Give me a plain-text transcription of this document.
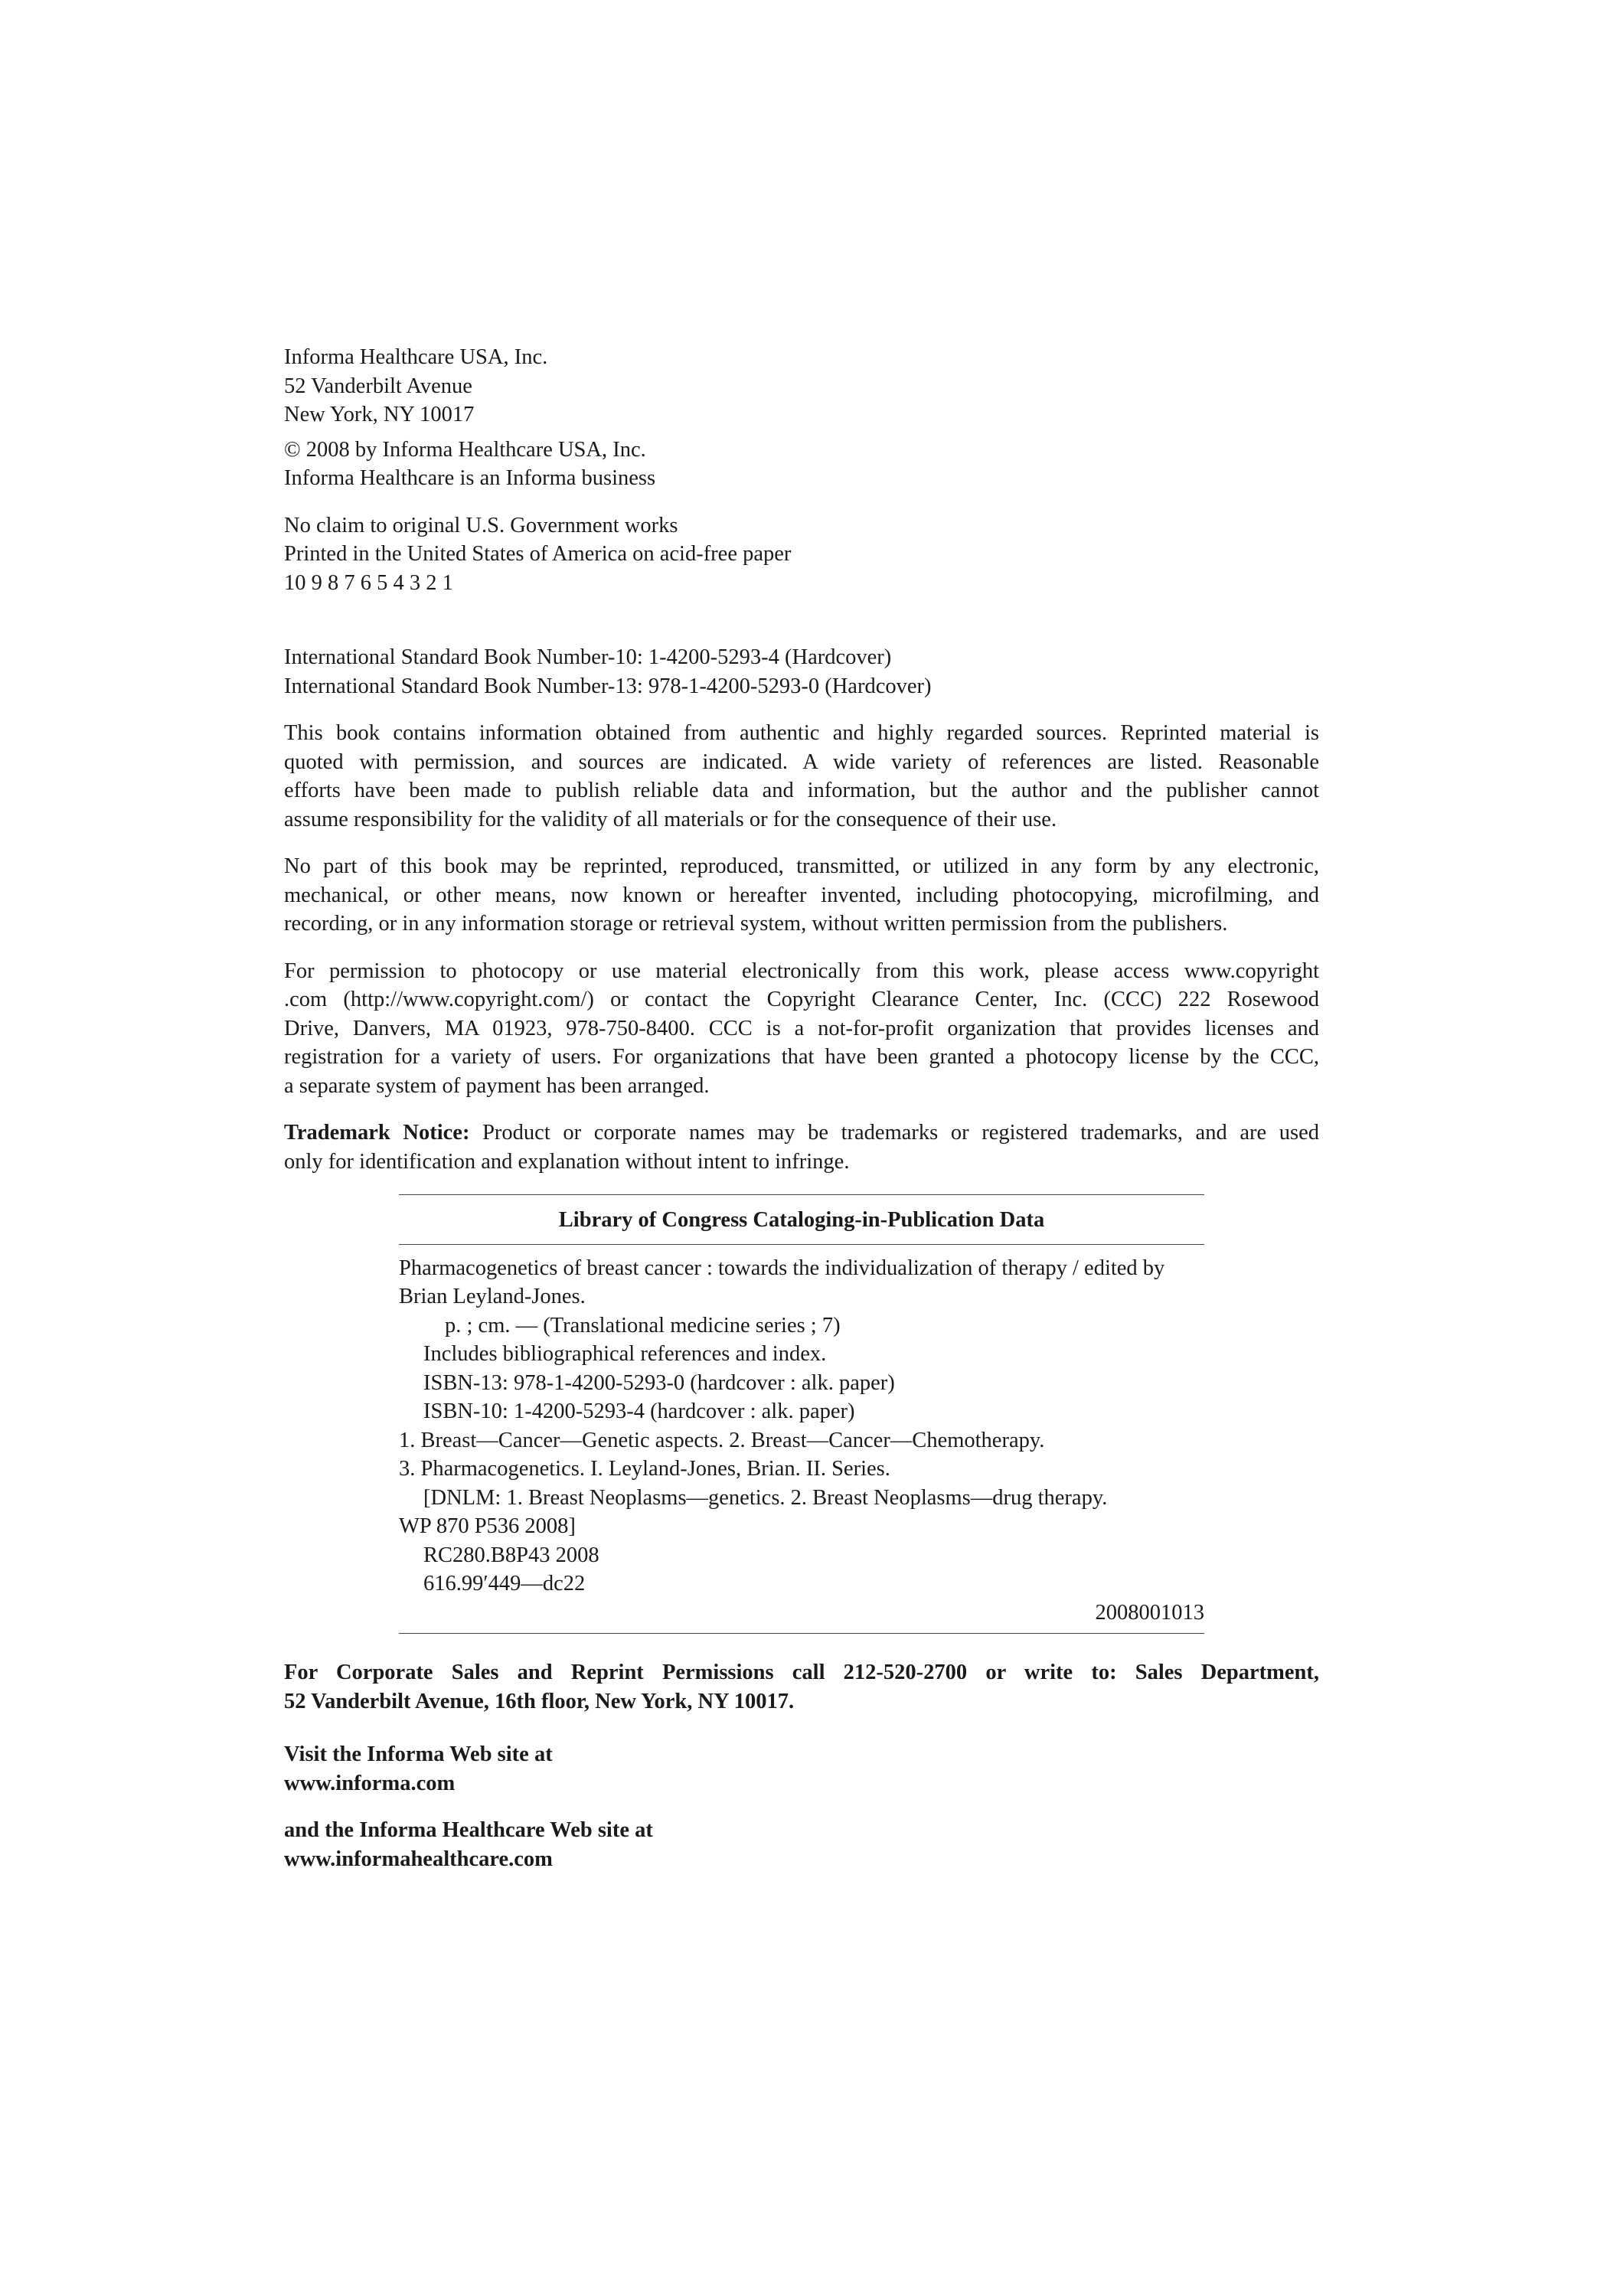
Informa Healthcare USA, Inc.
52 Vanderbilt Avenue
New York, NY 10017
© 2008 by Informa Healthcare USA, Inc.
Informa Healthcare is an Informa business
No claim to original U.S. Government works
Printed in the United States of America on acid-free paper
10 9 8 7 6 5 4 3 2 1
International Standard Book Number-10: 1-4200-5293-4 (Hardcover)
International Standard Book Number-13: 978-1-4200-5293-0 (Hardcover)
This book contains information obtained from authentic and highly regarded sources. Reprinted material is
quoted with permission, and sources are indicated. A wide variety of references are listed. Reasonable
efforts have been made to publish reliable data and information, but the author and the publisher cannot
assume responsibility for the validity of all materials or for the consequence of their use.
No part of this book may be reprinted, reproduced, transmitted, or utilized in any form by any electronic,
mechanical, or other means, now known or hereafter invented, including photocopying, microfilming, and
recording, or in any information storage or retrieval system, without written permission from the publishers.
For permission to photocopy or use material electronically from this work, please access www.copyright
.com (http://www.copyright.com/) or contact the Copyright Clearance Center, Inc. (CCC) 222 Rosewood
Drive, Danvers, MA 01923, 978-750-8400. CCC is a not-for-profit organization that provides licenses and
registration for a variety of users. For organizations that have been granted a photocopy license by the CCC,
a separate system of payment has been arranged.
Trademark Notice: Product or corporate names may be trademarks or registered trademarks, and are used
only for identification and explanation without intent to infringe.
Library of Congress Cataloging-in-Publication Data
Pharmacogenetics of breast cancer : towards the individualization of therapy / edited by
Brian Leyland-Jones.
p. ; cm. — (Translational medicine series ; 7)
Includes bibliographical references and index.
ISBN-13: 978-1-4200-5293-0 (hardcover : alk. paper)
ISBN-10: 1-4200-5293-4 (hardcover : alk. paper)
1. Breast—Cancer—Genetic aspects. 2. Breast—Cancer—Chemotherapy.
3. Pharmacogenetics. I. Leyland-Jones, Brian. II. Series.
[DNLM: 1. Breast Neoplasms—genetics. 2. Breast Neoplasms—drug therapy.
WP 870 P536 2008]
RC280.B8P43 2008
616.99′449—dc22
2008001013
For Corporate Sales and Reprint Permissions call 212-520-2700 or write to: Sales Department,
52 Vanderbilt Avenue, 16th floor, New York, NY 10017.
Visit the Informa Web site at
www.informa.com
and the Informa Healthcare Web site at
www.informahealthcare.com
